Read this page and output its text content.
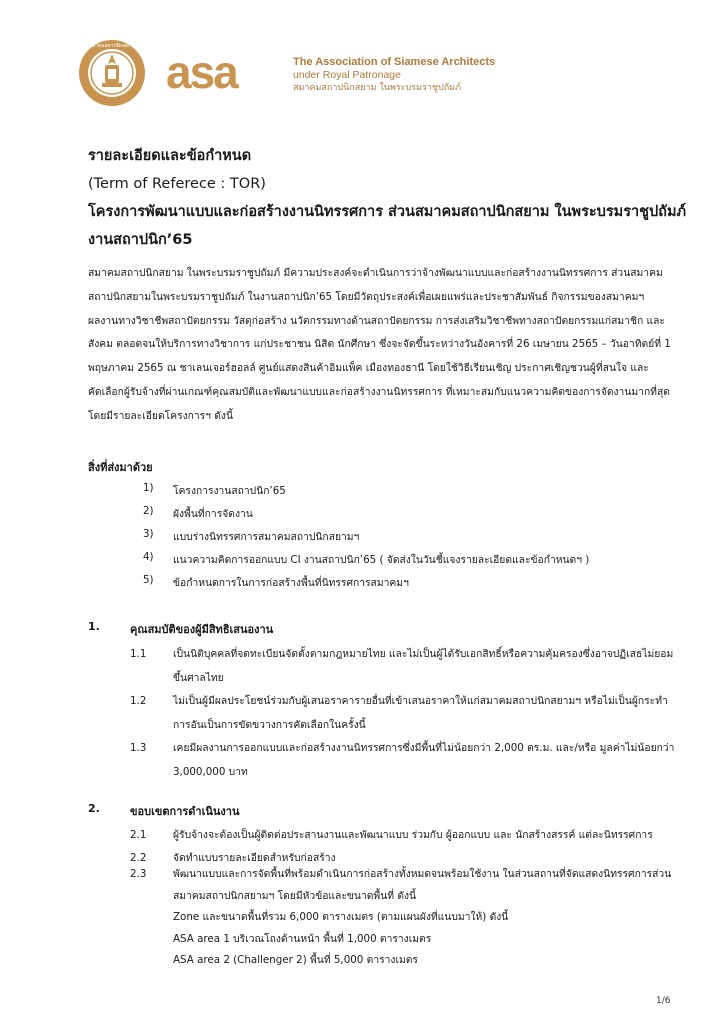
สมาคมสถาปนิกสยาม asa	The Association of Siamese Architects
under Royal Patronage
สมาคมสถาปนิกสยาม ในพระบรมราชูปถัมภ์
รายละเอียดและข้อกำหนด
(Term of Referece : TOR)
โครงการพัฒนาแบบและก่อสร้างงานนิทรรศการ ส่วนสมาคมสถาปนิกสยาม ในพระบรมราชูปถัมภ์
งานสถาปนิก’65
สมาคมสถาปนิกสยาม ในพระบรมราชูปถัมภ์ มีความประสงค์จะดำเนินการว่าจ้างพัฒนาแบบและก่อสร้างงานนิทรรศการ ส่วนสมาคม
สถาปนิกสยามในพระบรมราชูปถัมภ์ ในงานสถาปนิก’65 โดยมีวัตถุประสงค์เพื่อเผยแพร่และประชาสัมพันธ์ กิจกรรมของสมาคมฯ
ผลงานทางวิชาชีพสถาปัตยกรรม วัสดุก่อสร้าง นวัตกรรมทางด้านสถาปัตยกรรม การส่งเสริมวิชาชีพทางสถาปัตยกรรมแก่สมาชิก และ
สังคม ตลอดจนให้บริการทางวิชาการ แก่ประชาชน นิสิต นักศึกษา ซึ่งจะจัดขึ้นระหว่างวันอังคารที่ 26 เมษายน 2565 – วันอาทิตย์ที่ 1
พฤษภาคม 2565 ณ ชาเลนเจอร์ฮอลล์ ศูนย์แสดงสินค้าอิมแพ็ค เมืองทองธานี โดยใช้วิธีเรียนเชิญ ประกาศเชิญชวนผู้ที่สนใจ และ
คัดเลือกผู้รับจ้างที่ผ่านเกณฑ์คุณสมบัติและพัฒนาแบบและก่อสร้างงานนิทรรศการ ที่เหมาะสมกับแนวความคิดของการจัดงานมากที่สุด
โดยมีรายละเอียดโครงการฯ ดังนี้
สิ่งที่ส่งมาด้วย
1) โครงการงานสถาปนิก’65
2) ผังพื้นที่การจัดงาน
3) แบบร่างนิทรรศการสมาคมสถาปนิกสยามฯ
4) แนวความคิดการออกแบบ CI งานสถาปนิก’65 ( จัดส่งในวันชี้แจงรายละเอียดและข้อกำหนดฯ )
5) ข้อกำหนดการในการก่อสร้างพื้นที่นิทรรศการสมาคมฯ
1.	คุณสมบัติของผู้มีสิทธิเสนองาน
1.1	เป็นนิติบุคคลที่จดทะเบียนจัดตั้งตามกฎหมายไทย และไม่เป็นผู้ได้รับเอกสิทธิ์หรือความคุ้มครองซึ่งอาจปฏิเสธไม่ยอม
ขึ้นศาลไทย
1.2	ไม่เป็นผู้มีผลประโยชน์ร่วมกับผู้เสนอราคารายอื่นที่เข้าเสนอราคาให้แก่สมาคมสถาปนิกสยามฯ หรือไม่เป็นผู้กระทำ
การอันเป็นการขัดขวางการคัดเลือกในครั้งนี้
1.3	เคยมีผลงานการออกแบบและก่อสร้างงานนิทรรศการซึ่งมีพื้นที่ไม่น้อยกว่า 2,000 ตร.ม. และ/หรือ มูลค่าไม่น้อยกว่า
3,000,000 บาท
2.	ขอบเขตการดำเนินงาน
2.1	ผู้รับจ้างจะต้องเป็นผู้ติดต่อประสานงานและพัฒนาแบบ ร่วมกับ ผู้ออกแบบ และ นักสร้างสรรค์ แต่ละนิทรรศการ
2.2	จัดทำแบบรายละเอียดสำหรับก่อสร้าง
2.3	พัฒนาแบบและการจัดพื้นที่พร้อมดำเนินการก่อสร้างทั้งหมดจนพร้อมใช้งาน ในส่วนสถานที่จัดแสดงนิทรรศการส่วน
สมาคมสถาปนิกสยามฯ โดยมีหัวข้อและขนาดพื้นที่ ดังนี้
Zone และขนาดพื้นที่รวม 6,000 ตารางเมตร (ตามแผนผังที่แนบมาให้) ดังนี้
ASA area 1 บริเวณโถงด้านหน้า พื้นที่ 1,000 ตารางเมตร
ASA area 2 (Challenger 2) พื้นที่ 5,000 ตารางเมตร
1/6
